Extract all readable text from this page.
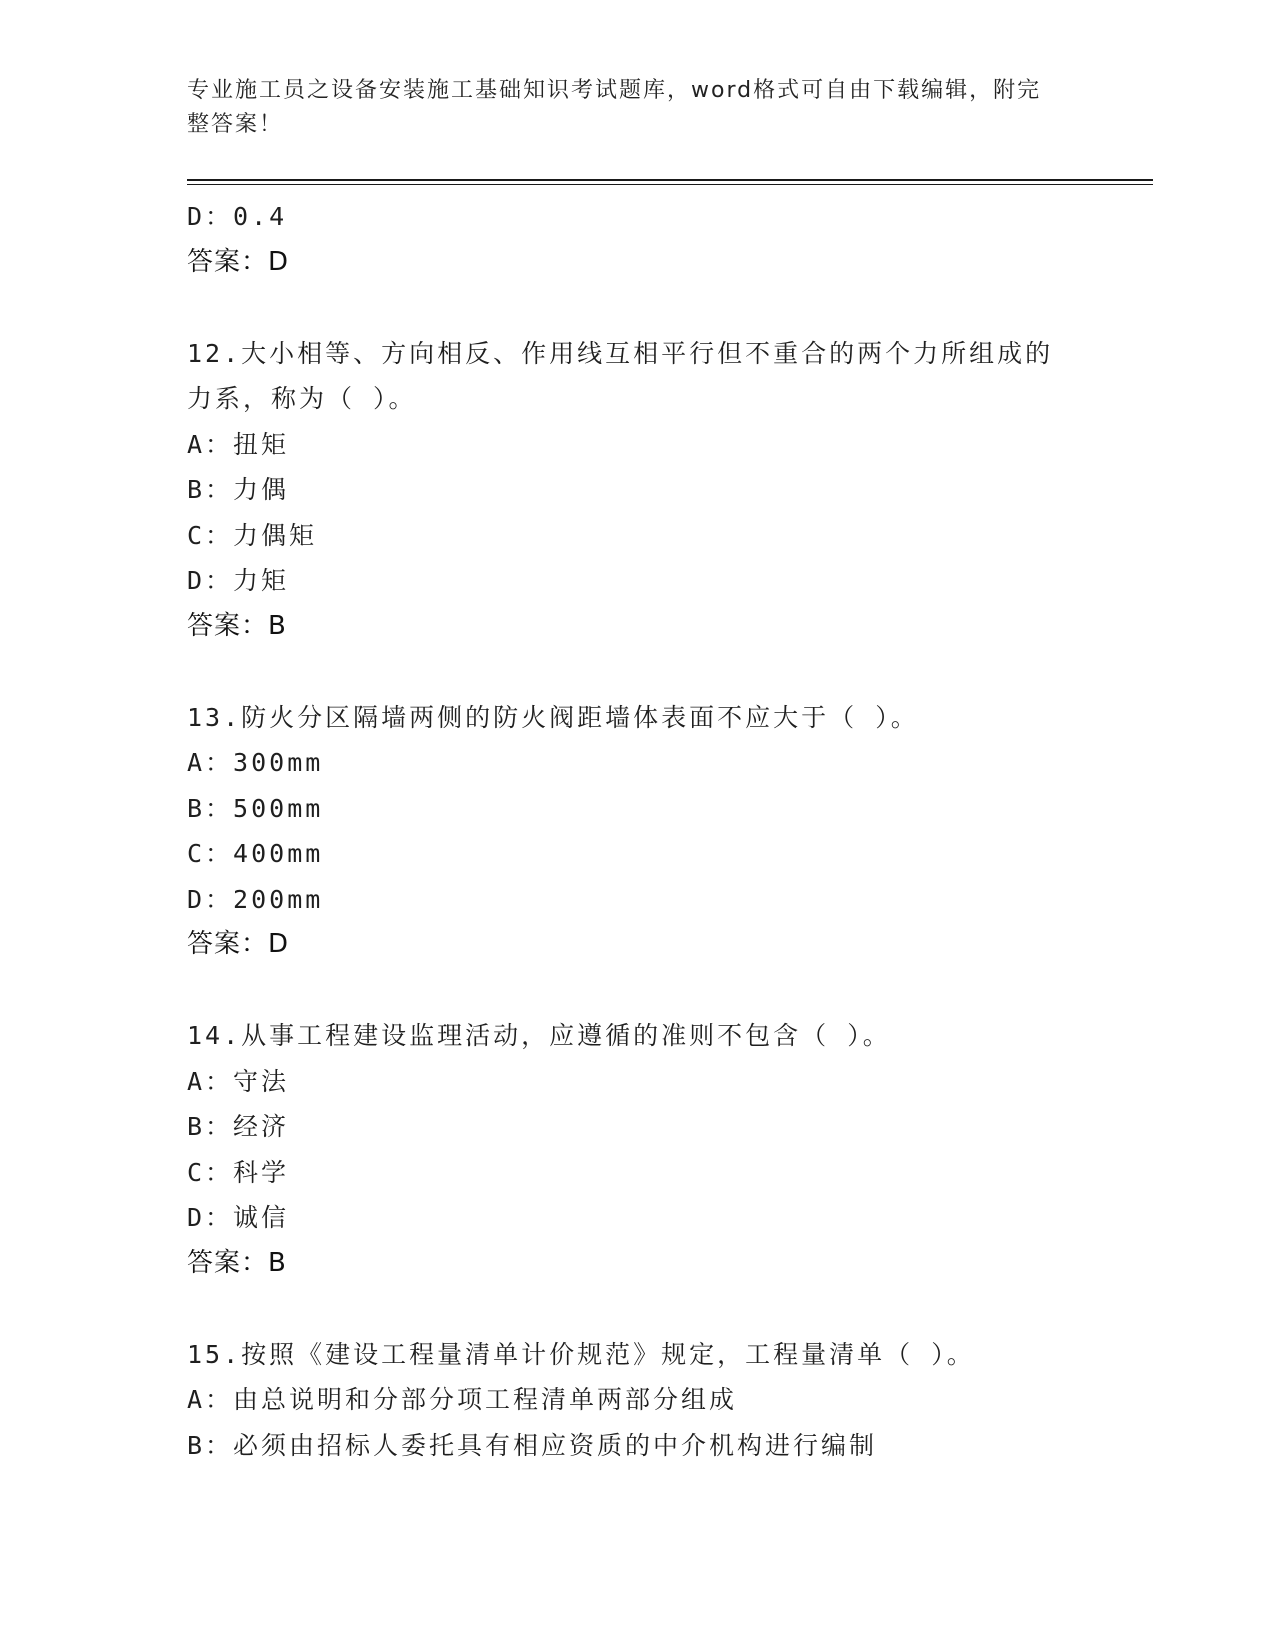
专业施工员之设备安装施工基础知识考试题库，word格式可自由下载编辑，附完
整答案！
D：0.4
答案：D
12.大小相等、方向相反、作用线互相平行但不重合的两个力所组成的
力系，称为（ ）。
A：扭矩
B：力偶
C：力偶矩
D：力矩
答案：B
13.防火分区隔墙两侧的防火阀距墙体表面不应大于（ ）。
A：300mm
B：500mm
C：400mm
D：200mm
答案：D
14.从事工程建设监理活动，应遵循的准则不包含（ ）。
A：守法
B：经济
C：科学
D：诚信
答案：B
15.按照《建设工程量清单计价规范》规定，工程量清单（ ）。
A：由总说明和分部分项工程清单两部分组成
B：必须由招标人委托具有相应资质的中介机构进行编制
